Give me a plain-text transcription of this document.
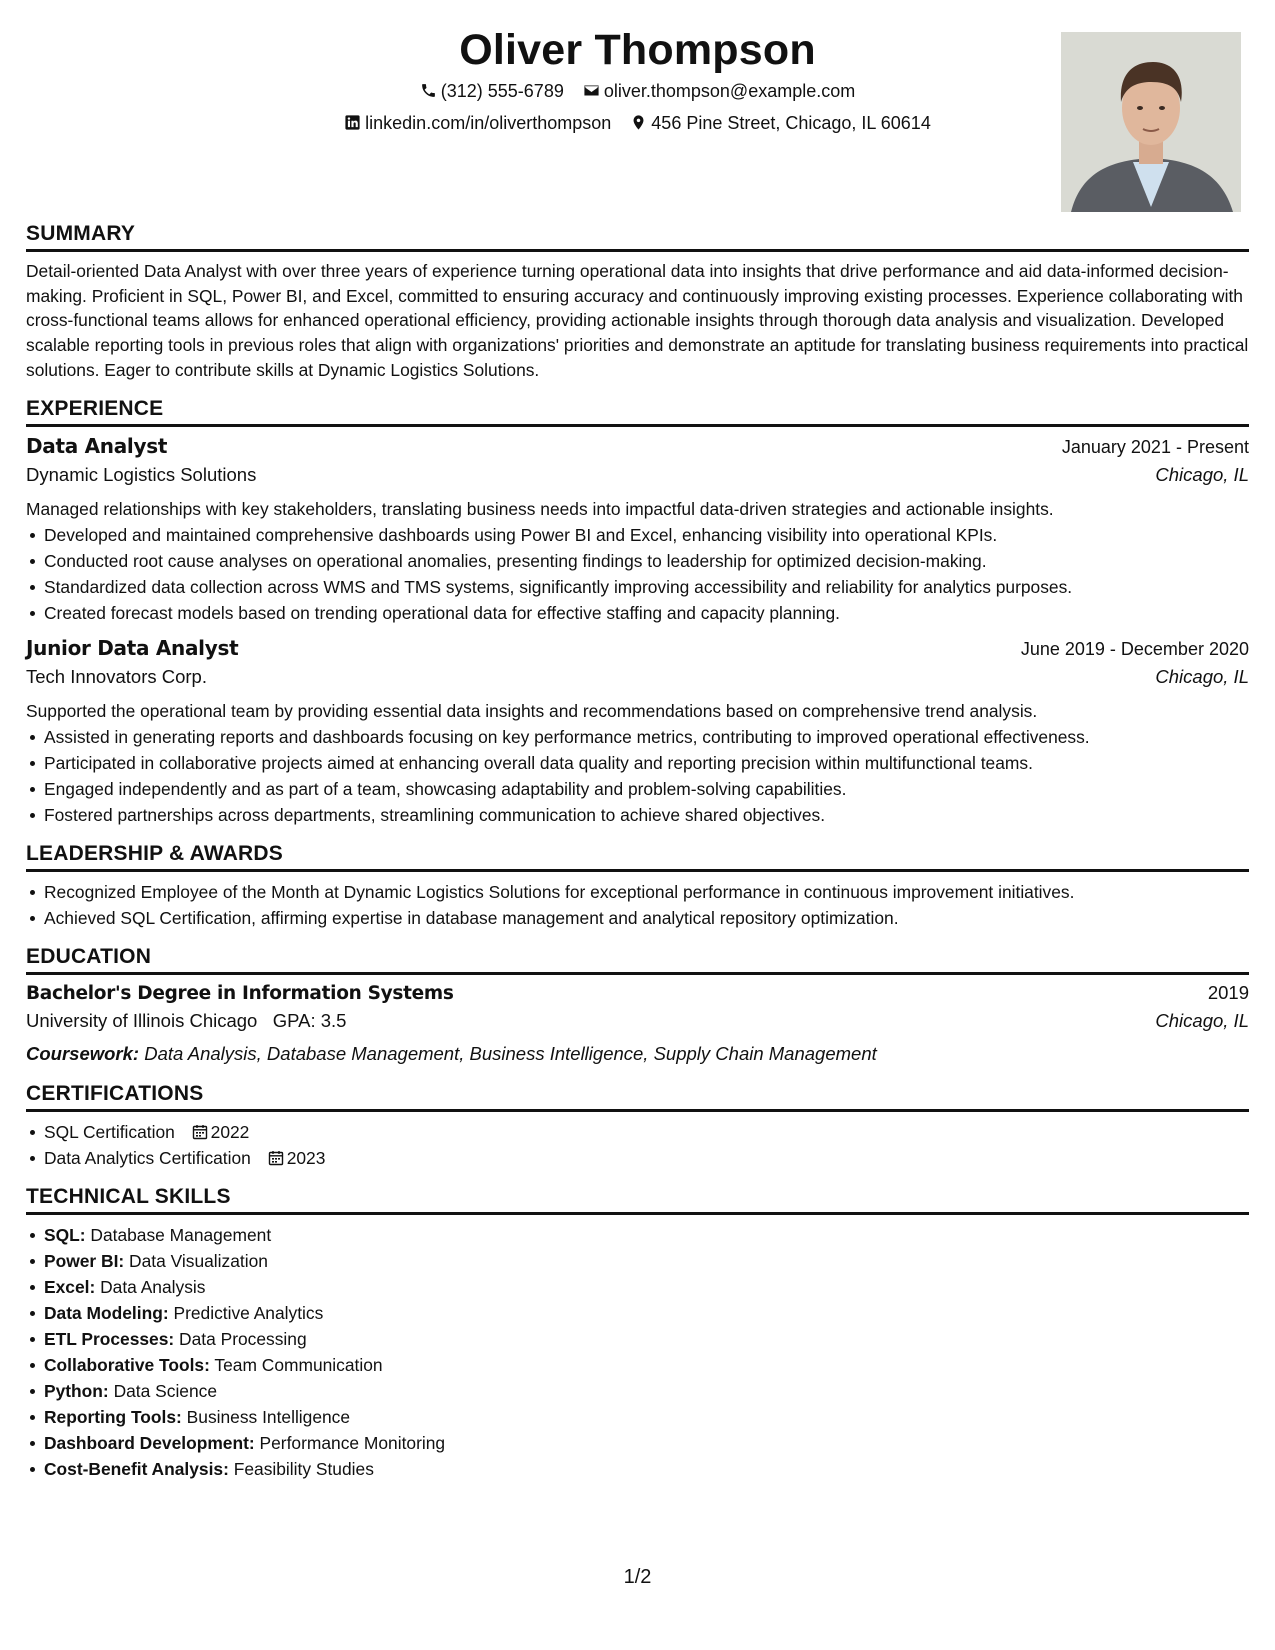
Oliver Thompson
(312) 555-6789 oliver.thompson@example.com
linkedin.com/in/oliverthompson 456 Pine Street, Chicago, IL 60614
SUMMARY

Detail-oriented Data Analyst with over three years of experience turning operational data into insights that drive performance and aid data-informed decision-making. Proficient in SQL, Power BI, and Excel, committed to ensuring accuracy and continuously improving existing processes. Experience collaborating with cross-functional teams allows for enhanced operational efficiency, providing actionable insights through thorough data analysis and visualization. Developed scalable reporting tools in previous roles that align with organizations' priorities and demonstrate an aptitude for translating business requirements into practical solutions. Eager to contribute skills at Dynamic Logistics Solutions.

EXPERIENCE
Data Analyst	January 2021 - Present
Dynamic Logistics Solutions	Chicago, IL

Managed relationships with key stakeholders, translating business needs into impactful data-driven strategies and actionable insights.

Developed and maintained comprehensive dashboards using Power BI and Excel, enhancing visibility into operational KPIs.
Conducted root cause analyses on operational anomalies, presenting findings to leadership for optimized decision-making.
Standardized data collection across WMS and TMS systems, significantly improving accessibility and reliability for analytics purposes.
Created forecast models based on trending operational data for effective staffing and capacity planning.
Junior Data Analyst	June 2019 - December 2020
Tech Innovators Corp.	Chicago, IL

Supported the operational team by providing essential data insights and recommendations based on comprehensive trend analysis.

Assisted in generating reports and dashboards focusing on key performance metrics, contributing to improved operational effectiveness.
Participated in collaborative projects aimed at enhancing overall data quality and reporting precision within multifunctional teams.
Engaged independently and as part of a team, showcasing adaptability and problem-solving capabilities.
Fostered partnerships across departments, streamlining communication to achieve shared objectives.
LEADERSHIP & AWARDS
Recognized Employee of the Month at Dynamic Logistics Solutions for exceptional performance in continuous improvement initiatives.
Achieved SQL Certification, affirming expertise in database management and analytical repository optimization.
EDUCATION
Bachelor's Degree in Information Systems	2019
University of Illinois Chicago GPA: 3.5	Chicago, IL
Coursework: Data Analysis, Database Management, Business Intelligence, Supply Chain Management
CERTIFICATIONS
SQL Certification 2022
Data Analytics Certification 2023
TECHNICAL SKILLS
SQL: Database Management
Power BI: Data Visualization
Excel: Data Analysis
Data Modeling: Predictive Analytics
ETL Processes: Data Processing
Collaborative Tools: Team Communication
Python: Data Science
Reporting Tools: Business Intelligence
Dashboard Development: Performance Monitoring
Cost-Benefit Analysis: Feasibility Studies
1/2
